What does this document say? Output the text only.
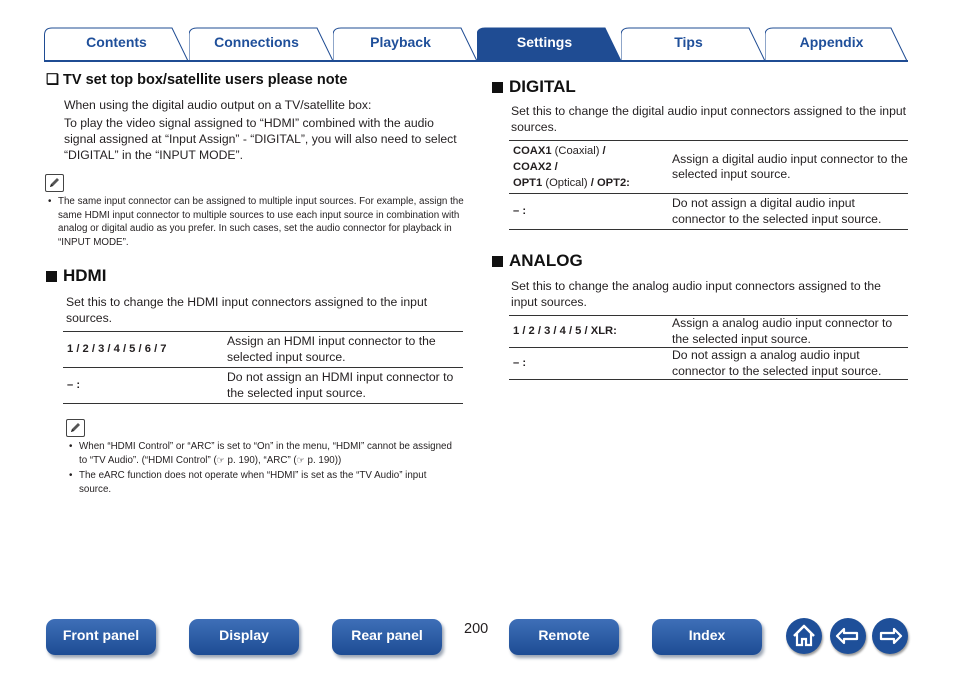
Contents	Connections	Playback	Settings	Tips	Appendix
❏ TV set top box/satellite users please note
When using the digital audio output on a TV/satellite box:
To play the video signal assigned to “HDMI” combined with the audio signal assigned at “Input Assign” - “DIGITAL”, you will also need to select “DIGITAL” in the “INPUT MODE”.
• The same input connector can be assigned to multiple input sources. For example, assign the same HDMI input connector to multiple sources to use each input source in combination with analog or digital audio as you prefer. In such cases, set the audio connector for playback in “INPUT MODE”.
HDMI
Set this to change the HDMI input connectors assigned to the input sources.
1 / 2 / 3 / 4 / 5 / 6 / 7	Assign an HDMI input connector to the selected input source.
– :	Do not assign an HDMI input connector to the selected input source.
• When “HDMI Control” or “ARC” is set to “On” in the menu, “HDMI” cannot be assigned to “TV Audio”. (“HDMI Control” (☞ p. 190), “ARC” (☞ p. 190))
• The eARC function does not operate when “HDMI” is set as the “TV Audio” input source.
DIGITAL
Set this to change the digital audio input connectors assigned to the input sources.
COAX1 (Coaxial) /
COAX2 /
OPT1 (Optical) / OPT2:	Assign a digital audio input connector to the selected input source.
– :	Do not assign a digital audio input connector to the selected input source.
ANALOG
Set this to change the analog audio input connectors assigned to the input sources.
1 / 2 / 3 / 4 / 5 / XLR:	Assign a analog audio input connector to the selected input source.
– :	Do not assign a analog audio input connector to the selected input source.
Front panel	Display	Rear panel	200	Remote	Index
